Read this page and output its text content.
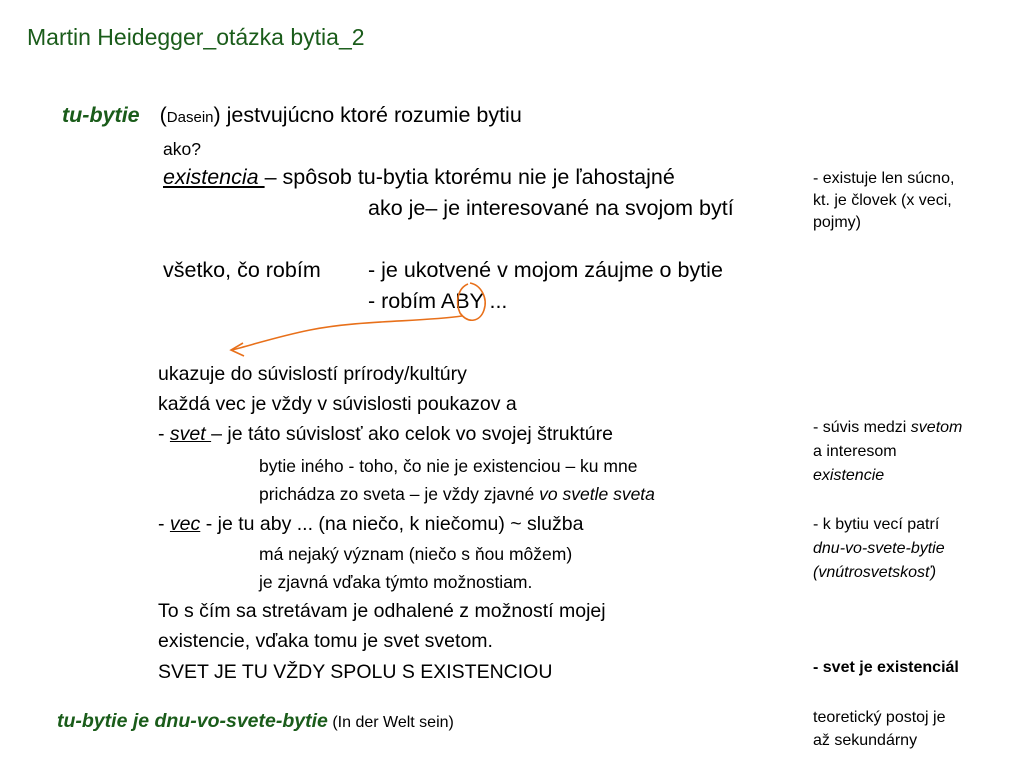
Martin Heidegger_otázka bytia_2
tu-bytie (Dasein) jestvujúcno ktoré rozumie bytiu
ako?
existencia – spôsob tu-bytia ktorému nie je ľahostajné
ako je– je interesované na svojom bytí
všetko, čo robím - je ukotvené v mojom záujme o bytie
- robím ABY ...
ukazuje do súvislostí prírody/kultúry
každá vec je vždy v súvislosti poukazov a
- svet – je táto súvislosť ako celok vo svojej štruktúre
bytie iného - toho, čo nie je existenciou – ku mne
prichádza zo sveta – je vždy zjavné vo svetle sveta
- vec - je tu aby ... (na niečo, k niečomu) ~ služba
má nejaký význam (niečo s ňou môžem)
je zjavná vďaka týmto možnostiam.
To s čím sa stretávam je odhalené z možností mojej
existencie, vďaka tomu je svet svetom.
SVET JE TU VŽDY SPOLU S EXISTENCIOU
tu-bytie je dnu-vo-svete-bytie (In der Welt sein)
- existuje len súcno,
kt. je človek (x veci,
pojmy)
- súvis medzi svetom
a interesom
existencie
- k bytiu vecí patrí
dnu-vo-svete-bytie
(vnútrosvetskosť)
- svet je existenciál
teoretický postoj je
až sekundárny
